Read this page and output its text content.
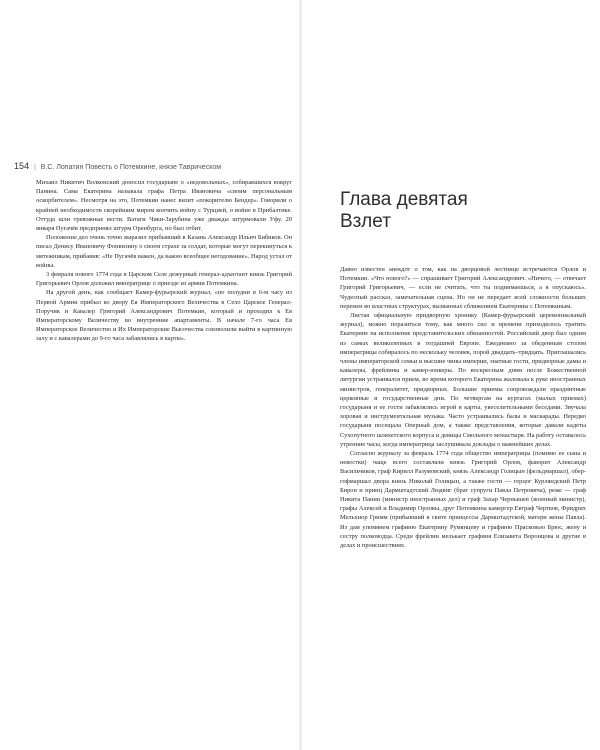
154 | В.С. Лопатин Повесть о Потемкине, князе Таврическом

Михаил Никитич Волконский доносил государыне о «недовольных», собиравшихся вокруг Панина. Сама Екатерина называла графа Петра Ивановича «своим персональным оскорбителем». Несмотря на это, Потемкин нанес визит «покорителю Бендер». Говорили о крайней необходимости скорейшим миром кончить войну с Турцией, о войне в Прибалтике. Оттуда шли тревожные вести. Ватаги Чики-Зарубина уже дважды штурмовали Уфу. 20 января Пугачёв предпринял штурм Оренбурга, но был отбит.

Положение дел очень точно выразил прибывший в Казань Александр Ильич Бибиков. Он писал Денису Ивановичу Фонвизину о своем страхе за солдат, которые могут перекинуться к мятежникам, прибавив: «Не Пугачёв важен, да важно всеобщее негодование». Народ устал от войны.

3 февраля нового 1774 года в Царском Селе дежурный генерал-адъютант князь Григорий Григорьевич Орлов доложил императрице о приезде из армии Потемкина.

На другой день, как сообщает Камер-фурьерский журнал, «по полудни в 6-м часу из Первой Армии прибыл ко двору Ея Императорского Величества в Село Царское Генерал-Поручик и Кавалер Григорий Александрович Потемкин, который и проходил к Ея Императорскому Величеству во внутренние апартаменты. В начале 7-го часа Ея Императорское Величество и Их Императорские Высочества соизволили выйти в картинную залу и с кавалерами до 9-го часа забавлялись в карты».

Глава девятая
Взлет

Давно известен анекдот о том, как на дворцовой лестнице встречаются Орлов и Потемкин. «Что нового?» — спрашивает Григорий Александрович. «Ничего, — отвечает Григорий Григорьевич, — если не считать, что ты поднимаешься, а я опускаюсь». Чудесный рассказ, замечательная сцена. Но он не передает всей сложности больших перемен во властных структурах, вызванных сближением Екатерины с Потемкиным.

Листая официальную придворную хронику (Камер-фурьерский церемониальный журнал), можно поразиться тому, как много сил и времени приходилось тратить Екатерине на исполнение представительских обязанностей. Российский двор был одним из самых великолепных в тогдашней Европе. Ежедневно за обеденным столом императрицы собиралось по нескольку человек, порой двадцать–тридцать. Приглашались члены императорской семьи и высшие чины империи, знатные гости, придворные дамы и кавалеры, фрейлины и камер-юнкеры. По воскресным дням после Божественной литургии устраивался прием, во время которого Екатерина жаловала к руке иностранных министров, генералитет, придворных. Большие приемы сопровождали праздничные церковные и государственные дни. По четвергам на куртагах (малых приемах) государыня и ее гости забавлялись игрой в карты, увеселительными беседами. Звучала хоровая и инструментальная музыка. Часто устраивались балы и маскарады. Нередко государыня посещала Оперный дом, а также представления, которые давали кадеты Сухопутного шляхетского корпуса и девицы Смольного монастыря. На работу оставалось утренние часы, когда императрица заслушивала доклады о важнейших делах.

Согласно журналу за февраль 1774 года общество императрицы (помимо ее сына и невестки) чаще всего составляли князь Григорий Орлов, фаворит Александр Васильчиков, граф Кирилл Разумовский, князь Александр Голицын (фельдмаршал), обер-гофмаршал двора князь Николай Голицын, а также гости — герцог Курляндский Петр Бирон и принц Дармштадтский Людвиг (брат супруги Павла Петровича), реже — граф Никита Панин (министр иностранных дел) и граф Захар Чернышев (военный министр), графы Алексей и Владимир Орловы, друг Потемкина камергер Евграф Чертков, Фридрих Мельхиор Гримм (прибывший в свите принцессы Дармштадтской, матери жены Павла). Из дам упомянем графиню Екатерину Румянцеву и графиню Прасковью Брюс, жену и сестру полководца. Среди фрейлин мелькает графиня Елизавета Воронцова и другие в делах и происшествиях.
